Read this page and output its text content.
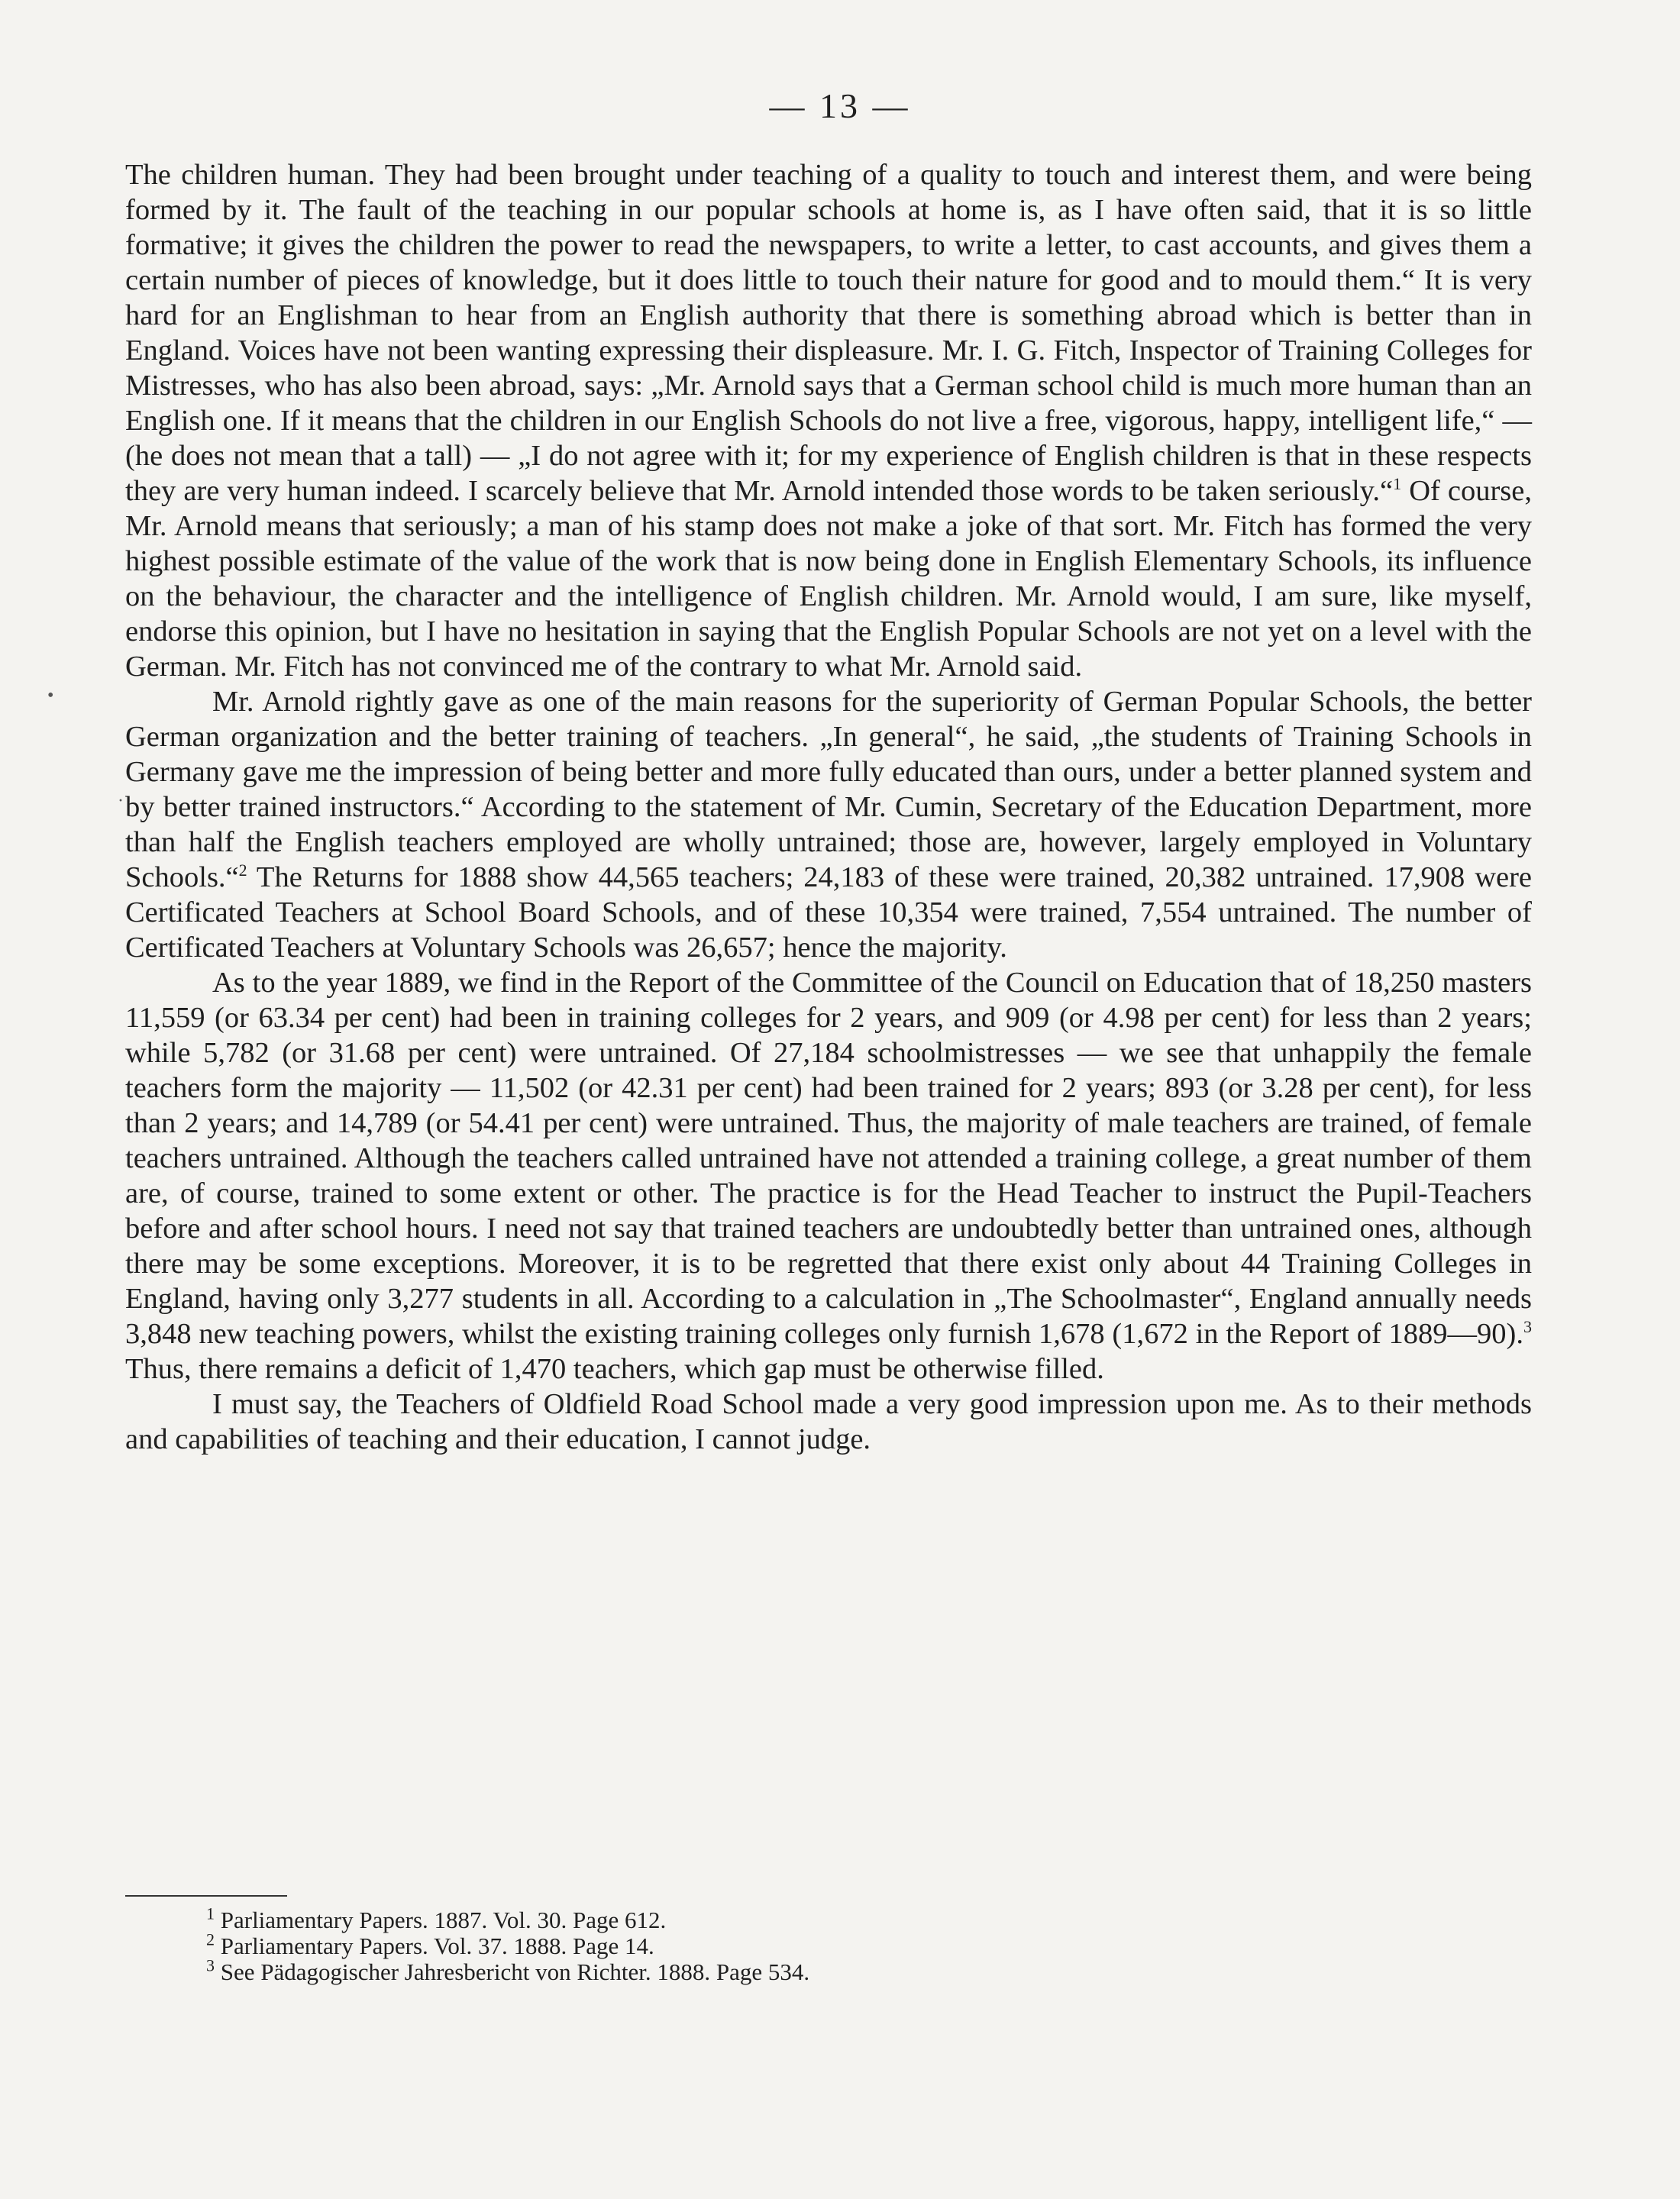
— 13 —

The children human. They had been brought under teaching of a quality to touch and interest them, and were being formed by it. The fault of the teaching in our popular schools at home is, as I have often said, that it is so little formative; it gives the children the power to read the newspapers, to write a letter, to cast accounts, and gives them a certain number of pieces of knowledge, but it does little to touch their nature for good and to mould them.“ It is very hard for an Englishman to hear from an English authority that there is something abroad which is better than in England. Voices have not been wanting expressing their displeasure. Mr. I. G. Fitch, Inspector of Training Colleges for Mistresses, who has also been abroad, says: „Mr. Arnold says that a German school child is much more human than an English one. If it means that the children in our English Schools do not live a free, vigorous, happy, intelligent life,“ — (he does not mean that a tall) — „I do not agree with it; for my experience of English children is that in these respects they are very human indeed. I scarcely believe that Mr. Arnold intended those words to be taken seriously.“$^1$ Of course, Mr. Arnold means that seriously; a man of his stamp does not make a joke of that sort. Mr. Fitch has formed the very highest possible estimate of the value of the work that is now being done in English Elementary Schools, its influence on the behaviour, the character and the intelligence of English children. Mr. Arnold would, I am sure, like myself, endorse this opinion, but I have no hesitation in saying that the English Popular Schools are not yet on a level with the German. Mr. Fitch has not convinced me of the contrary to what Mr. Arnold said.

Mr. Arnold rightly gave as one of the main reasons for the superiority of German Popular Schools, the better German organization and the better training of teachers. „In general“, he said, „the students of Training Schools in Germany gave me the impression of being better and more fully educated than ours, under a better planned system and by better trained instructors.“ According to the statement of Mr. Cumin, Secretary of the Education Department, more than half the English teachers employed are wholly untrained; those are, however, largely employed in Voluntary Schools.“$^2$ The Returns for 1888 show 44,565 teachers; 24,183 of these were trained, 20,382 untrained. 17,908 were Certificated Teachers at School Board Schools, and of these 10,354 were trained, 7,554 untrained. The number of Certificated Teachers at Voluntary Schools was 26,657; hence the majority.

As to the year 1889, we find in the Report of the Committee of the Council on Education that of 18,250 masters 11,559 (or 63.34 per cent) had been in training colleges for 2 years, and 909 (or 4.98 per cent) for less than 2 years; while 5,782 (or 31.68 per cent) were untrained. Of 27,184 schoolmistresses — we see that unhappily the female teachers form the majority — 11,502 (or 42.31 per cent) had been trained for 2 years; 893 (or 3.28 per cent), for less than 2 years; and 14,789 (or 54.41 per cent) were untrained. Thus, the majority of male teachers are trained, of female teachers untrained. Although the teachers called untrained have not attended a training college, a great number of them are, of course, trained to some extent or other. The practice is for the Head Teacher to instruct the Pupil-Teachers before and after school hours. I need not say that trained teachers are undoubtedly better than untrained ones, although there may be some exceptions. Moreover, it is to be regretted that there exist only about 44 Training Colleges in England, having only 3,277 students in all. According to a calculation in „The Schoolmaster“, England annually needs 3,848 new teaching powers, whilst the existing training colleges only furnish 1,678 (1,672 in the Report of 1889—90).$^3$ Thus, there remains a deficit of 1,470 teachers, which gap must be otherwise filled.

I must say, the Teachers of Oldfield Road School made a very good impression upon me. As to their methods and capabilities of teaching and their education, I cannot judge.

$^1$ Parliamentary Papers. 1887. Vol. 30. Page 612.
$^2$ Parliamentary Papers. Vol. 37. 1888. Page 14.
$^3$ See Pädagogischer Jahresbericht von Richter. 1888. Page 534.
•
·
